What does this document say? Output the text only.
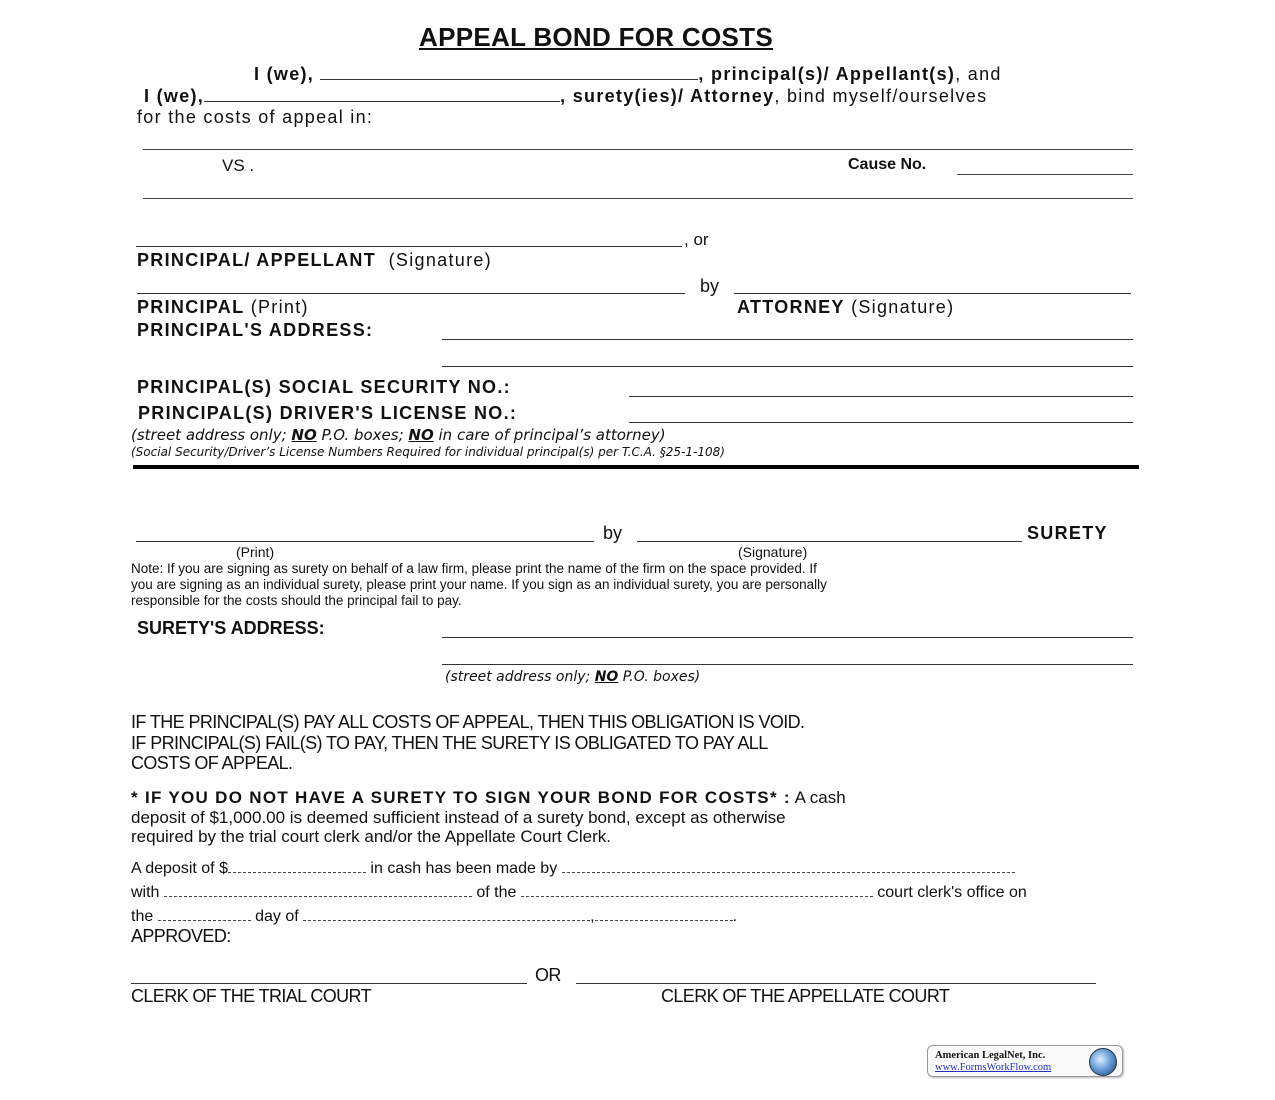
APPEAL BOND FOR COSTS
I (we),	, principal(s)/ Appellant(s), and
I (we),	, surety(ies)/ Attorney, bind myself/ourselves
for the costs of appeal in:
VS .	Cause No.
, or
PRINCIPAL/ APPELLANT (Signature)
by
PRINCIPAL (Print)	ATTORNEY (Signature)
PRINCIPAL'S ADDRESS:
PRINCIPAL(S) SOCIAL SECURITY NO.:
PRINCIPAL(S) DRIVER'S LICENSE NO.:
(street address only; NO P.O. boxes; NO in care of principal’s attorney)
(Social Security/Driver’s License Numbers Required for individual principal(s) per T.C.A. §25-1-108)
by	SURETY
(Print)	(Signature)
Note: If you are signing as surety on behalf of a law firm, please print the name of the firm on the space provided. If
you are signing as an individual surety, please print your name. If you sign as an individual surety, you are personally
responsible for the costs should the principal fail to pay.
SURETY'S ADDRESS:
(street address only; NO P.O. boxes)
IF THE PRINCIPAL(S) PAY ALL COSTS OF APPEAL, THEN THIS OBLIGATION IS VOID.
IF PRINCIPAL(S) FAIL(S) TO PAY, THEN THE SURETY IS OBLIGATED TO PAY ALL
COSTS OF APPEAL.
* IF YOU DO NOT HAVE A SURETY TO SIGN YOUR BOND FOR COSTS* : A cash
deposit of $1,000.00 is deemed sufficient instead of a surety bond, except as otherwise
required by the trial court clerk and/or the Appellate Court Clerk.
A deposit of $	in cash has been made by
with	of the	court clerk's office on
the	day of	,	.
APPROVED:
OR
CLERK OF THE TRIAL COURT	CLERK OF THE APPELLATE COURT
American LegalNet, Inc.
www.FormsWorkFlow.com
